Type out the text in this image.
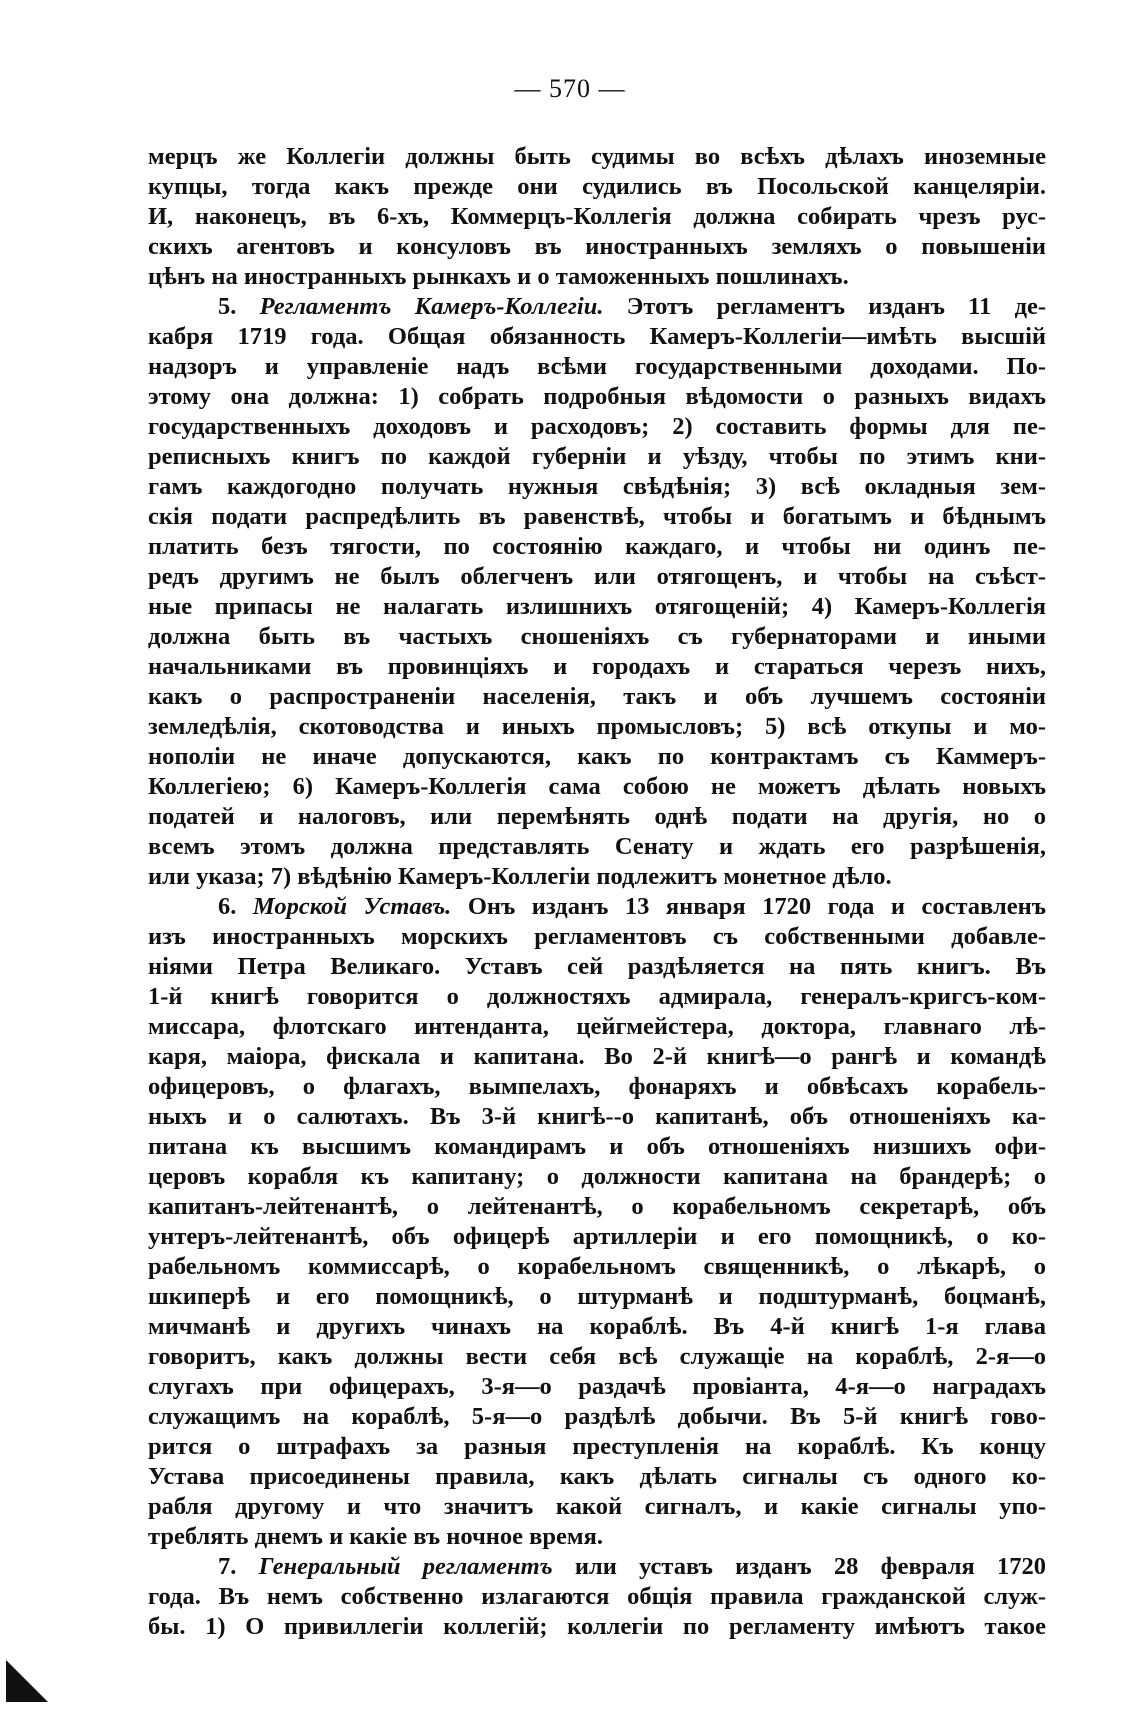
— 570 —
мерцъ же Коллегіи должны быть судимы во всѣхъ дѣлахъ иноземные
купцы, тогда какъ прежде они судились въ Посольской канцеляріи.
И, наконецъ, въ 6-хъ, Коммерцъ-Коллегія должна собирать чрезъ рус-
скихъ агентовъ и консуловъ въ иностранныхъ земляхъ о повышеніи
цѣнъ на иностранныхъ рынкахъ и о таможенныхъ пошлинахъ.
5. Регламентъ Камеръ-Коллегіи. Этотъ регламентъ изданъ 11 де-
кабря 1719 года. Общая обязанность Камеръ-Коллегіи—имѣть высшій
надзоръ и управленіе надъ всѣми государственными доходами. По-
этому она должна: 1) собрать подробныя вѣдомости о разныхъ видахъ
государственныхъ доходовъ и расходовъ; 2) составить формы для пе-
реписныхъ книгъ по каждой губерніи и уѣзду, чтобы по этимъ кни-
гамъ каждогодно получать нужныя свѣдѣнія; 3) всѣ окладныя зем-
скія подати распредѣлить въ равенствѣ, чтобы и богатымъ и бѣднымъ
платить безъ тягости, по состоянію каждаго, и чтобы ни одинъ пе-
редъ другимъ не былъ облегченъ или отягощенъ, и чтобы на съѣст-
ные припасы не налагать излишнихъ отягощеній; 4) Камеръ-Коллегія
должна быть въ частыхъ сношеніяхъ съ губернаторами и иными
начальниками въ провинціяхъ и городахъ и стараться черезъ нихъ,
какъ о распространеніи населенія, такъ и объ лучшемъ состояніи
земледѣлія, скотоводства и иныхъ промысловъ; 5) всѣ откупы и мо-
нополіи не иначе допускаются, какъ по контрактамъ съ Каммеръ-
Коллегіею; 6) Камеръ-Коллегія сама собою не можетъ дѣлать новыхъ
податей и налоговъ, или перемѣнять однѣ подати на другія, но о
всемъ этомъ должна представлять Сенату и ждать его разрѣшенія,
или указа; 7) вѣдѣнію Камеръ-Коллегіи подлежитъ монетное дѣло.
6. Морской Уставъ. Онъ изданъ 13 января 1720 года и составленъ
изъ иностранныхъ морскихъ регламентовъ съ собственными добавле-
ніями Петра Великаго. Уставъ сей раздѣляется на пять книгъ. Въ
1-й книгѣ говорится о должностяхъ адмирала, генералъ-кригсъ-ком-
миссара, флотскаго интенданта, цейгмейстера, доктора, главнаго лѣ-
каря, маіора, фискала и капитана. Во 2-й книгѣ—о рангѣ и командѣ
офицеровъ, о флагахъ, вымпелахъ, фонаряхъ и обвѣсахъ корабель-
ныхъ и о салютахъ. Въ 3-й книгѣ--о капитанѣ, объ отношеніяхъ ка-
питана къ высшимъ командирамъ и объ отношеніяхъ низшихъ офи-
церовъ корабля къ капитану; о должности капитана на брандерѣ; о
капитанъ-лейтенантѣ, о лейтенантѣ, о корабельномъ секретарѣ, объ
унтеръ-лейтенантѣ, объ офицерѣ артиллеріи и его помощникѣ, о ко-
рабельномъ коммиссарѣ, о корабельномъ священникѣ, о лѣкарѣ, о
шкиперѣ и его помощникѣ, о штурманѣ и подштурманѣ, боцманѣ,
мичманѣ и другихъ чинахъ на кораблѣ. Въ 4-й книгѣ 1-я глава
говоритъ, какъ должны вести себя всѣ служащіе на кораблѣ, 2-я—о
слугахъ при офицерахъ, 3-я—о раздачѣ провіанта, 4-я—о наградахъ
служащимъ на кораблѣ, 5-я—о раздѣлѣ добычи. Въ 5-й книгѣ гово-
рится о штрафахъ за разныя преступленія на кораблѣ. Къ концу
Устава присоединены правила, какъ дѣлать сигналы съ одного ко-
рабля другому и что значитъ какой сигналъ, и какіе сигналы упо-
треблять днемъ и какіе въ ночное время.
7. Генеральный регламентъ или уставъ изданъ 28 февраля 1720
года. Въ немъ собственно излагаются общія правила гражданской служ-
бы. 1) О привиллегіи коллегій; коллегіи по регламенту имѣютъ такое
